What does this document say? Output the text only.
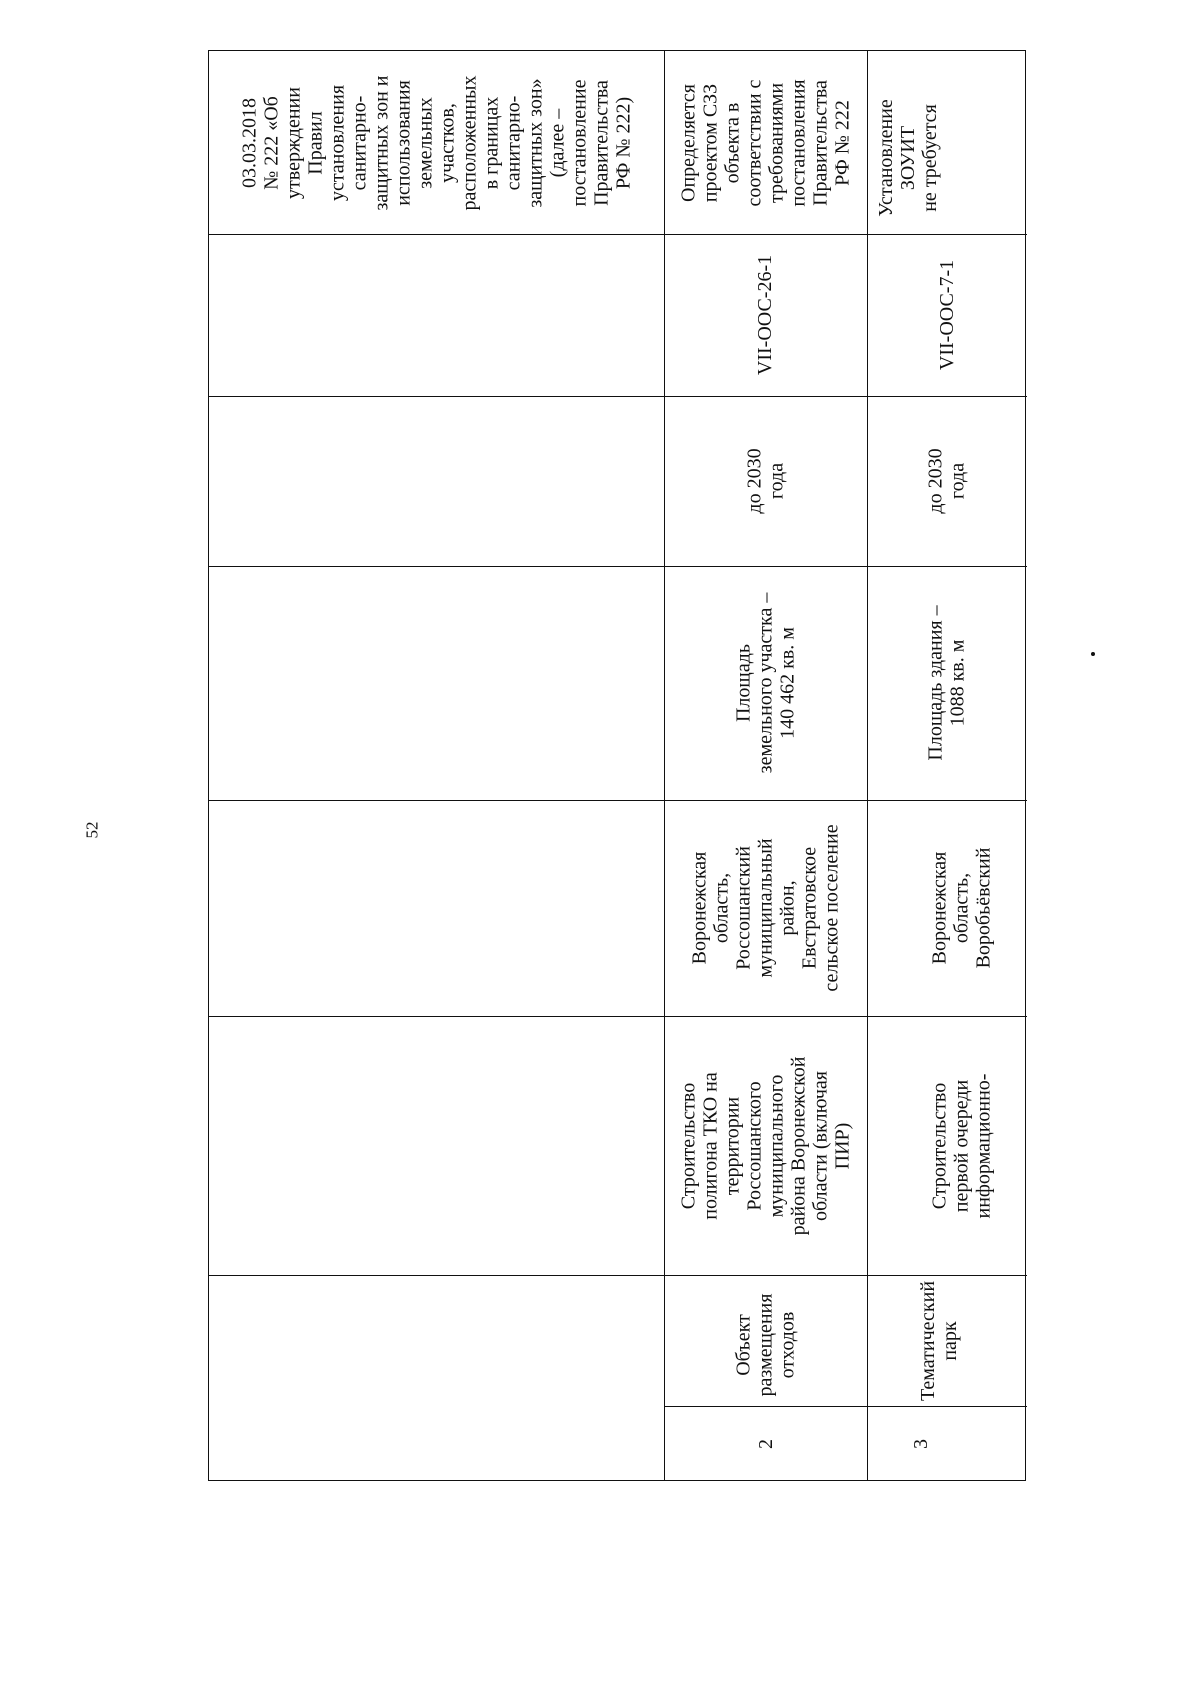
52
03.03.2018
№ 222 «Об
утверждении
Правил
установления
санитарно-
защитных зон и
использования
земельных
участков,
расположенных
в границах
санитарно-
защитных зон»
(далее –
постановление
Правительства
РФ № 222) Определяется
проектом СЗЗ
объекта в
соответствии с
требованиями
постановления
Правительства
РФ № 222
VII-ООС-26-1
до 2030
года
Площадь
земельного участка –
140 462 кв. м
Воронежская
область,
Россошанский
муниципальный
район,
Евстратовское
сельское поселение
Строительство
полигона ТКО на
территории
Россошанского
муниципального
района Воронежской
области (включая
ПИР)
Объект
размещения
отходов
2
Установление
ЗОУИТ
не требуется
VII-ООС-7-1
до 2030
года
Площадь здания –
1088 кв. м
Воронежская
область,
Воробьёвский
Строительство
первой очереди
информационно-
Тематический
парк
3
